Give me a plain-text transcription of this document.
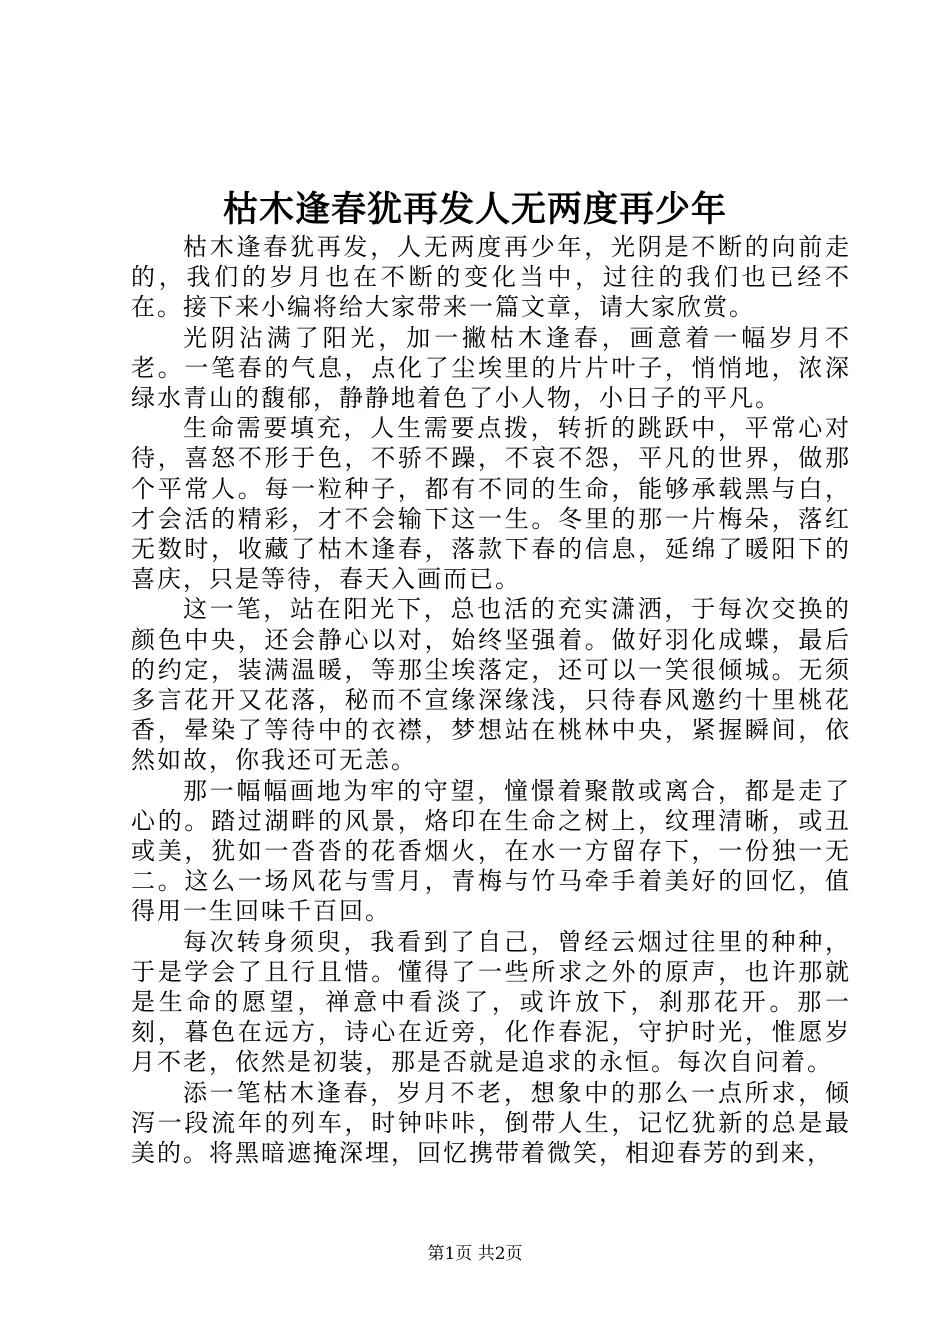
枯木逢春犹再发人无两度再少年

枯木逢春犹再发，人无两度再少年，光阴是不断的向前走的，我们的岁月也在不断的变化当中，过往的我们也已经不在。接下来小编将给大家带来一篇文章，请大家欣赏。

光阴沾满了阳光，加一撇枯木逢春，画意着一幅岁月不老。一笔春的气息，点化了尘埃里的片片叶子，悄悄地，浓深绿水青山的馥郁，静静地着色了小人物，小日子的平凡。

生命需要填充，人生需要点拨，转折的跳跃中，平常心对待，喜怒不形于色，不骄不躁，不哀不怨，平凡的世界，做那个平常人。每一粒种子，都有不同的生命，能够承载黑与白，才会活的精彩，才不会输下这一生。冬里的那一片梅朵，落红无数时，收藏了枯木逢春，落款下春的信息，延绵了暖阳下的喜庆，只是等待，春天入画而已。

这一笔，站在阳光下，总也活的充实潇洒，于每次交换的颜色中央，还会静心以对，始终坚强着。做好羽化成蝶，最后的约定，装满温暖，等那尘埃落定，还可以一笑很倾城。无须多言花开又花落，秘而不宣缘深缘浅，只待春风邀约十里桃花香，晕染了等待中的衣襟，梦想站在桃林中央，紧握瞬间，依然如故，你我还可无恙。

那一幅幅画地为牢的守望，憧憬着聚散或离合，都是走了心的。踏过湖畔的风景，烙印在生命之树上，纹理清晰，或丑或美，犹如一沓沓的花香烟火，在水一方留存下，一份独一无二。这么一场风花与雪月，青梅与竹马牵手着美好的回忆，值得用一生回味千百回。

每次转身须臾，我看到了自己，曾经云烟过往里的种种，于是学会了且行且惜。懂得了一些所求之外的原声，也许那就是生命的愿望，禅意中看淡了，或许放下，刹那花开。那一刻，暮色在远方，诗心在近旁，化作春泥，守护时光，惟愿岁月不老，依然是初装，那是否就是追求的永恒。每次自问着。

添一笔枯木逢春，岁月不老，想象中的那么一点所求，倾泻一段流年的列车，时钟咔咔，倒带人生，记忆犹新的总是最美的。将黑暗遮掩深埋，回忆携带着微笑，相迎春芳的到来，

第1页 共2页
